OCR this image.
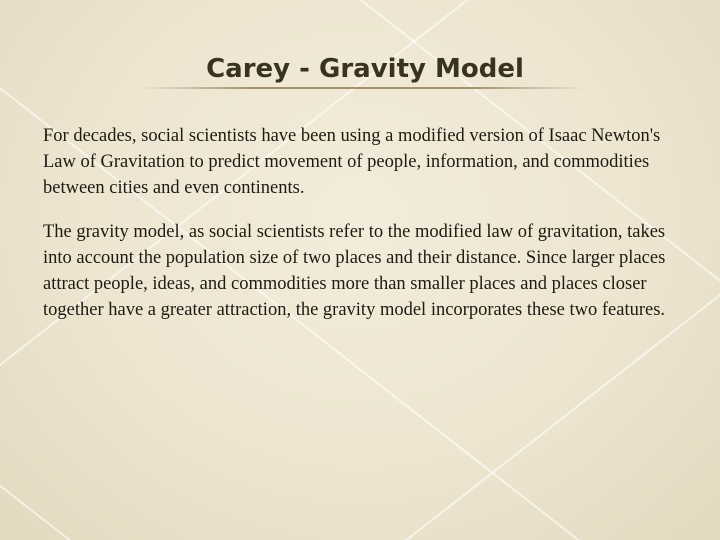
Carey - Gravity Model

For decades, social scientists have been using a modified version of Isaac Newton's Law of Gravitation to predict movement of people, information, and commodities between cities and even continents.

The gravity model, as social scientists refer to the modified law of gravitation, takes into account the population size of two places and their distance. Since larger places attract people, ideas, and commodities more than smaller places and places closer together have a greater attraction, the gravity model incorporates these two features.
